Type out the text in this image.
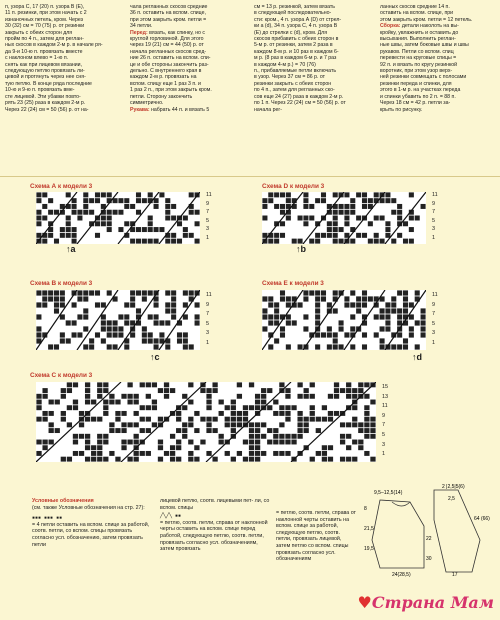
п, узора С, 17 (20) п. узора В (Е),
11 п. резинки, при этом начать с 2
изнаночных петель, кром. Через
30 (32) см = 70 (75) р. от резинки
закрыть с обеих сторон для
пройм по 4 п., затем для реглан-
ных скосов в каждом 2-м р. в начале ря-
да 9-и 10-ю п. провязать вместе
с наклоном влево = 1-ю п.
снять как при лицевом вязании,
следующую петлю провязать ли-
цевой и протянуть через нее сня-
тую петлю. В конце ряда последние
10-ю и 9-ю п. провязать вме-
сте лицевой. Эти убавки повто-
рять 23 (25) раза в каждом 2-м р.
Через 22 (24) см = 50 (56) р. от на-
чала регланных скосов средние
36 п. оставить на вспом. спице,
при этом закрыть кром. петли =
34 петли.
Перед: вязать, как спинку, но с
круглой горловиной. Для этого
через 19 (21) см = 44 (50) р. от
начала регланных скосов сред-
ние 26 п. оставить на вспом. спи-
це и обе стороны закончить раз-
дельно. С внутреннего края в
каждом 2-м р. провязать на
вспом. спицу еще 1 раз 3 п. и
1 раз 2 п., при этом закрыть кром.
петли. Сторону закончить
симметрично.
Рукава: набрать 44 п. и вязать 5
см = 13 р. резинкой, затем вязать
в следующей последовательно-
сти: кром., 4 п. узора А (D) от стрел-
ки а (d), 34 п. узора С, 4 п. узора В
(Е) до стрелки с (d), кром. Для
скосов прибавить с обеих сторон в
5-м р. от резинки, затем 2 раза в
каждом 8-м р. и 10 раз в каждом 6-
м р. (8 раз в каждом 6-м р. и 7 раз
в каждом 4-м р.) = 70 (76)
п., прибавляемые петли включать
в узор. Через 37 см = 86 р. от
резинки закрыть с обеих сторон
по 4 п., затем для регланных ско-
сов еще 24 (27) раза в каждом 2-м р.
по 1 п. Через 22 (24) см = 50 (56) р. от
начала рег-
ланных скосов средние 14 п.
оставить на вспом. спице, при
этом закрыть кром. петли = 12 петель.
Сборка: детали наколоть на вы-
кройку, увлажнить и оставить до
высыхания. Выполнить реглан-
ные швы, затем боковые швы и швы
рукавов. Петли со вспом. спиц
перевести на круговые спицы =
92 п. и вязать по кругу резинкой
воротник, при этом узор верх-
ней резинки совмещать с полосами
резинки переда и спинки, для
этого в 1-м р. на участках переда
и спинки убавить по 2 п. = 88 п.
Через 18 см = 42 р. петли за-
крыть по рисунку.
Схема А к модели 3
11
9
7
5
3
1
↑a
Схема D к модели 3
11
9
7
5
3
1
↑b
Схема B к модели 3
11
9
7
5
3
1
↑c
Схема E к модели 3
11
9
7
5
3
1
↑d
Схема C к модели 3
15
13
11
9
7
5
3
1
Условные обозначения
(см. также Условные обозначения на стр. 27):
▪▪▪ ▪▪▪ ▪▪
= 4 петли оставить на вспом. спице за работой, соотв. петли, со вспом. спицы провязать согласно усл. обозначению, затем провязать петли
лицевой петлю, соотв. лицевыми пет- ли, со вспом. спицы
╱╲╱╲ ▪▪
= петлю, соотв. петли, справа от наклонной черты оставить на вспом. спице перед работой, следующую петлю, соотв. петли, провязать согласно усл. обозначениям, затем провязать
= петлю, соотв. петли, справа от наклонной черты оставить на вспом. спице за работой, следующую петлю, соотв. петли, провязать лицевой, затем петлю со вспом. спицы провязать согласно усл. обозначениям
9,5–12,5(14)
2 |2,5|5(6)
24(28,5)
21,5
19,5
22
30
64 (66)
8
2,5
17
♥Страна Мам
